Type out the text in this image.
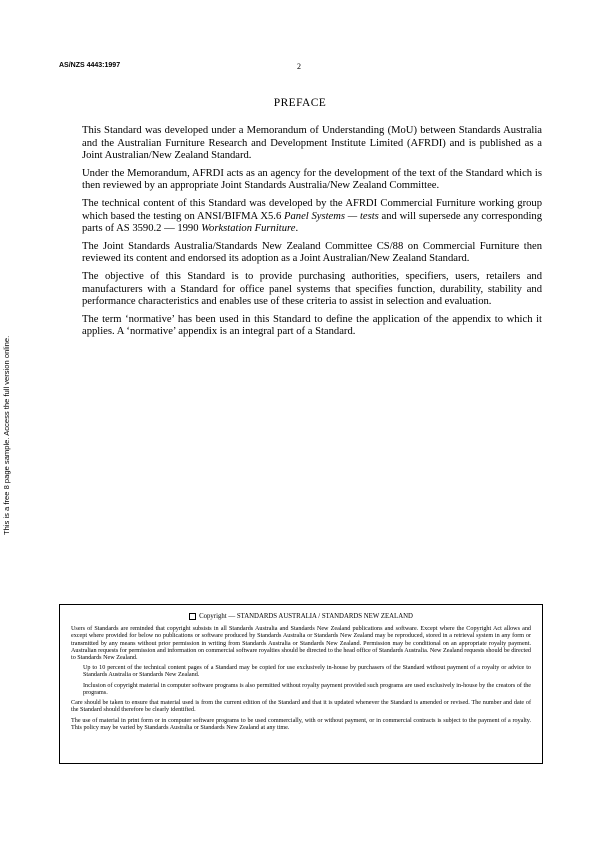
AS/NZS 4443:1997	2
This is a free 8 page sample. Access the full version online.
PREFACE

This Standard was developed under a Memorandum of Understanding (MoU) between Standards Australia and the Australian Furniture Research and Development Institute Limited (AFRDI) and is published as a Joint Australian/New Zealand Standard.

Under the Memorandum, AFRDI acts as an agency for the development of the text of the Standard which is then reviewed by an appropriate Joint Standards Australia/New Zealand Committee.

The technical content of this Standard was developed by the AFRDI Commercial Furniture working group which based the testing on ANSI/BIFMA X5.6 Panel Systems — tests and will supersede any corresponding parts of AS 3590.2 — 1990 Workstation Furniture.

The Joint Standards Australia/Standards New Zealand Committee CS/88 on Commercial Furniture then reviewed its content and endorsed its adoption as a Joint Australian/New Zealand Standard.

The objective of this Standard is to provide purchasing authorities, specifiers, users, retailers and manufacturers with a Standard for office panel systems that specifies function, durability, stability and performance characteristics and enables use of these criteria to assist in selection and evaluation.

The term ‘normative’ has been used in this Standard to define the application of the appendix to which it applies. A ‘normative’ appendix is an integral part of a Standard.

Copyright — STANDARDS AUSTRALIA / STANDARDS NEW ZEALAND

Users of Standards are reminded that copyright subsists in all Standards Australia and Standards New Zealand publications and software. Except where the Copyright Act allows and except where provided for below no publications or software produced by Standards Australia or Standards New Zealand may be reproduced, stored in a retrieval system in any form or transmitted by any means without prior permission in writing from Standards Australia or Standards New Zealand. Permission may be conditional on an appropriate royalty payment. Australian requests for permission and information on commercial software royalties should be directed to the head office of Standards Australia. New Zealand requests should be directed to Standards New Zealand.

Up to 10 percent of the technical content pages of a Standard may be copied for use exclusively in-house by purchasers of the Standard without payment of a royalty or advice to Standards Australia or Standards New Zealand.

Inclusion of copyright material in computer software programs is also permitted without royalty payment provided such programs are used exclusively in-house by the creators of the programs.

Care should be taken to ensure that material used is from the current edition of the Standard and that it is updated whenever the Standard is amended or revised. The number and date of the Standard should therefore be clearly identified.

The use of material in print form or in computer software programs to be used commercially, with or without payment, or in commercial contracts is subject to the payment of a royalty. This policy may be varied by Standards Australia or Standards New Zealand at any time.
